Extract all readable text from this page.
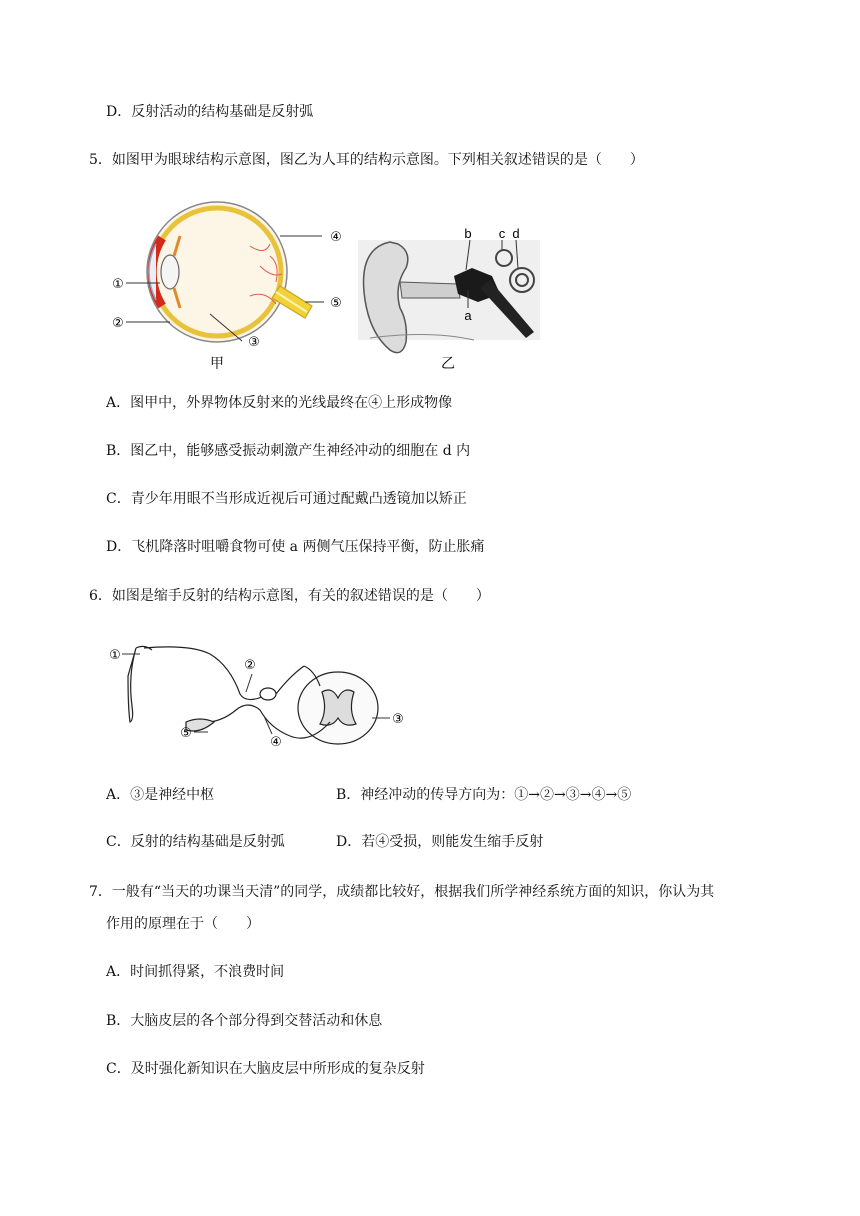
D．反射活动的结构基础是反射弧
5．如图甲为眼球结构示意图，图乙为人耳的结构示意图。下列相关叙述错误的是（　　）
①
②
③
④
⑤
甲
b c d
a
乙
A．图甲中，外界物体反射来的光线最终在④上形成物像
B．图乙中，能够感受振动刺激产生神经冲动的细胞在 d 内
C．青少年用眼不当形成近视后可通过配戴凸透镜加以矫正
D．飞机降落时咀嚼食物可使 a 两侧气压保持平衡，防止胀痛
6．如图是缩手反射的结构示意图，有关的叙述错误的是（　　）
①
②
③
④
⑤
A．③是神经中枢	B．神经冲动的传导方向为：①→②→③→④→⑤
C．反射的结构基础是反射弧	D．若④受损，则能发生缩手反射
7．一般有“当天的功课当天清”的同学，成绩都比较好，根据我们所学神经系统方面的知识，你认为其
作用的原理在于（　　）
A．时间抓得紧，不浪费时间
B．大脑皮层的各个部分得到交替活动和休息
C．及时强化新知识在大脑皮层中所形成的复杂反射
